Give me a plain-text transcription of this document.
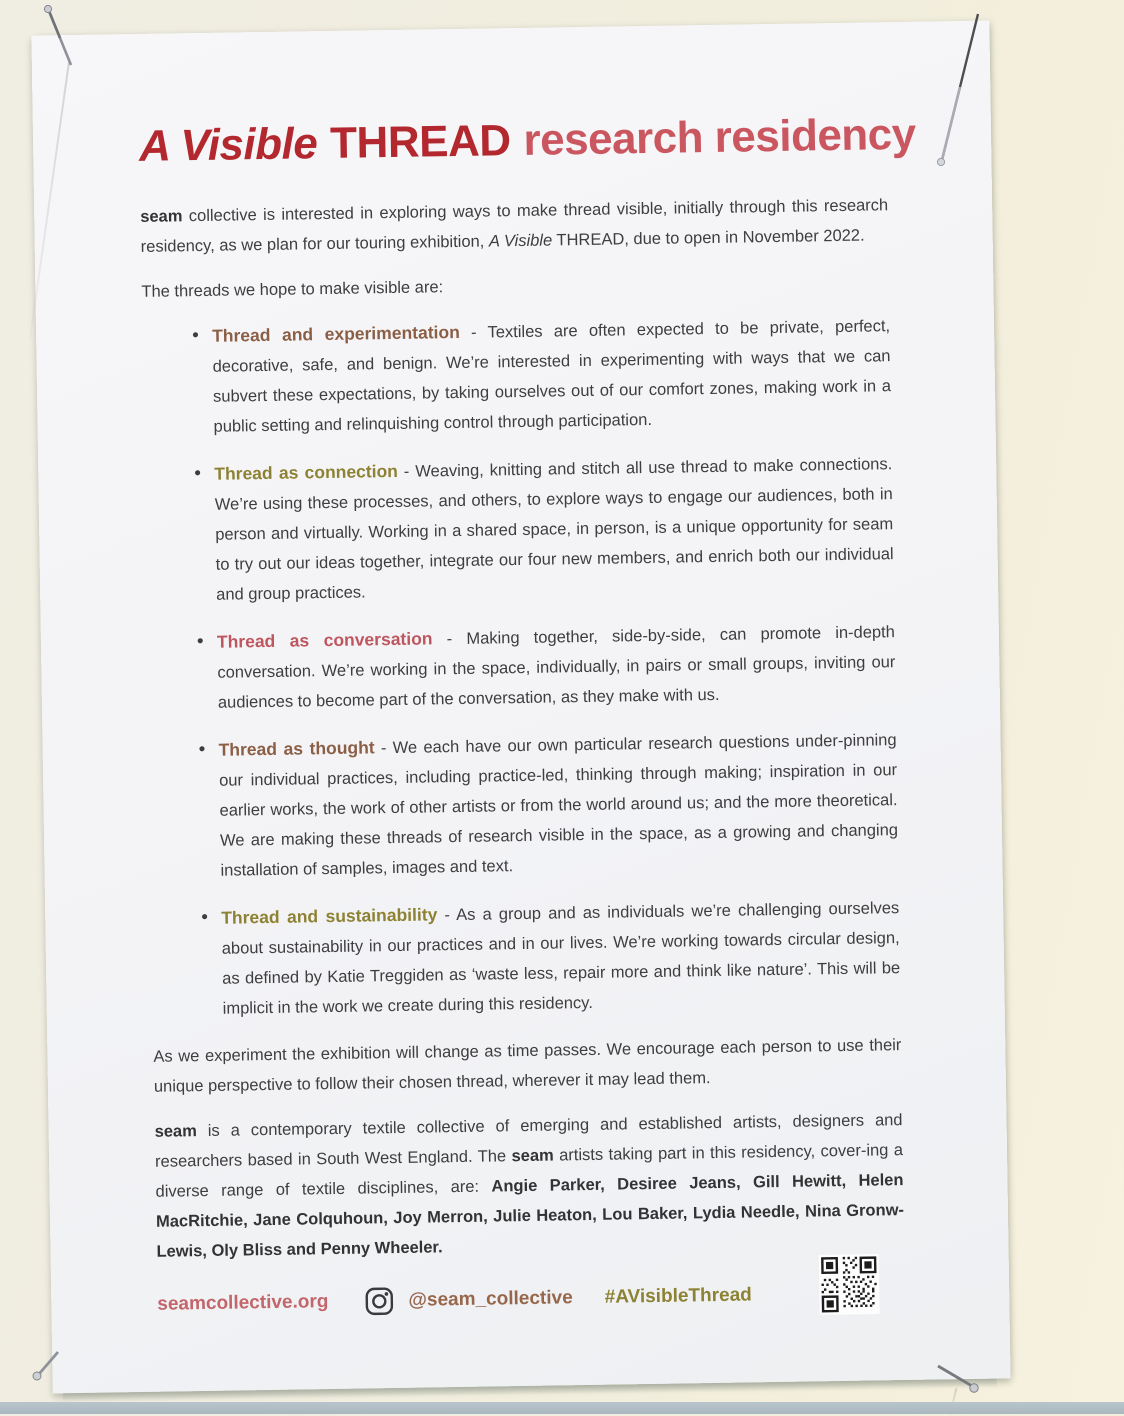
A Visible THREAD research residency

seam collective is interested in exploring ways to make thread visible, initially through this research residency, as we plan for our touring exhibition, A Visible THREAD, due to open in November 2022.

The threads we hope to make visible are:

• Thread and experimentation - Textiles are often expected to be private, perfect, decorative, safe, and benign. We’re interested in experimenting with ways that we can subvert these expectations, by taking ourselves out of our comfort zones, making work in a public setting and relinquishing control through participation.
• Thread as connection - Weaving, knitting and stitch all use thread to make connections. We’re using these processes, and others, to explore ways to engage our audiences, both in person and virtually. Working in a shared space, in person, is a unique opportunity for seam to try out our ideas together, integrate our four new members, and enrich both our individual and group practices.
• Thread as conversation - Making together, side-by-side, can promote in-depth conversation. We’re working in the space, individually, in pairs or small groups, inviting our audiences to become part of the conversation, as they make with us.
• Thread as thought - We each have our own particular research questions under-pinning our individual practices, including practice-led, thinking through making; inspiration in our earlier works, the work of other artists or from the world around us; and the more theoretical. We are making these threads of research visible in the space, as a growing and changing installation of samples, images and text.
• Thread and sustainability - As a group and as individuals we’re challenging ourselves about sustainability in our practices and in our lives. We’re working towards circular design, as defined by Katie Treggiden as ‘waste less, repair more and think like nature’. This will be implicit in the work we create during this residency.

As we experiment the exhibition will change as time passes. We encourage each person to use their unique perspective to follow their chosen thread, wherever it may lead them.

seam is a contemporary textile collective of emerging and established artists, designers and researchers based in South West England. The seam artists taking part in this residency, cover-ing a diverse range of textile disciplines, are: Angie Parker, Desiree Jeans, Gill Hewitt, Helen MacRitchie, Jane Colquhoun, Joy Merron, Julie Heaton, Lou Baker, Lydia Needle, Nina Gronw-Lewis, Oly Bliss and Penny Wheeler.

seamcollective.org	@seam_collective #AVisibleThread
